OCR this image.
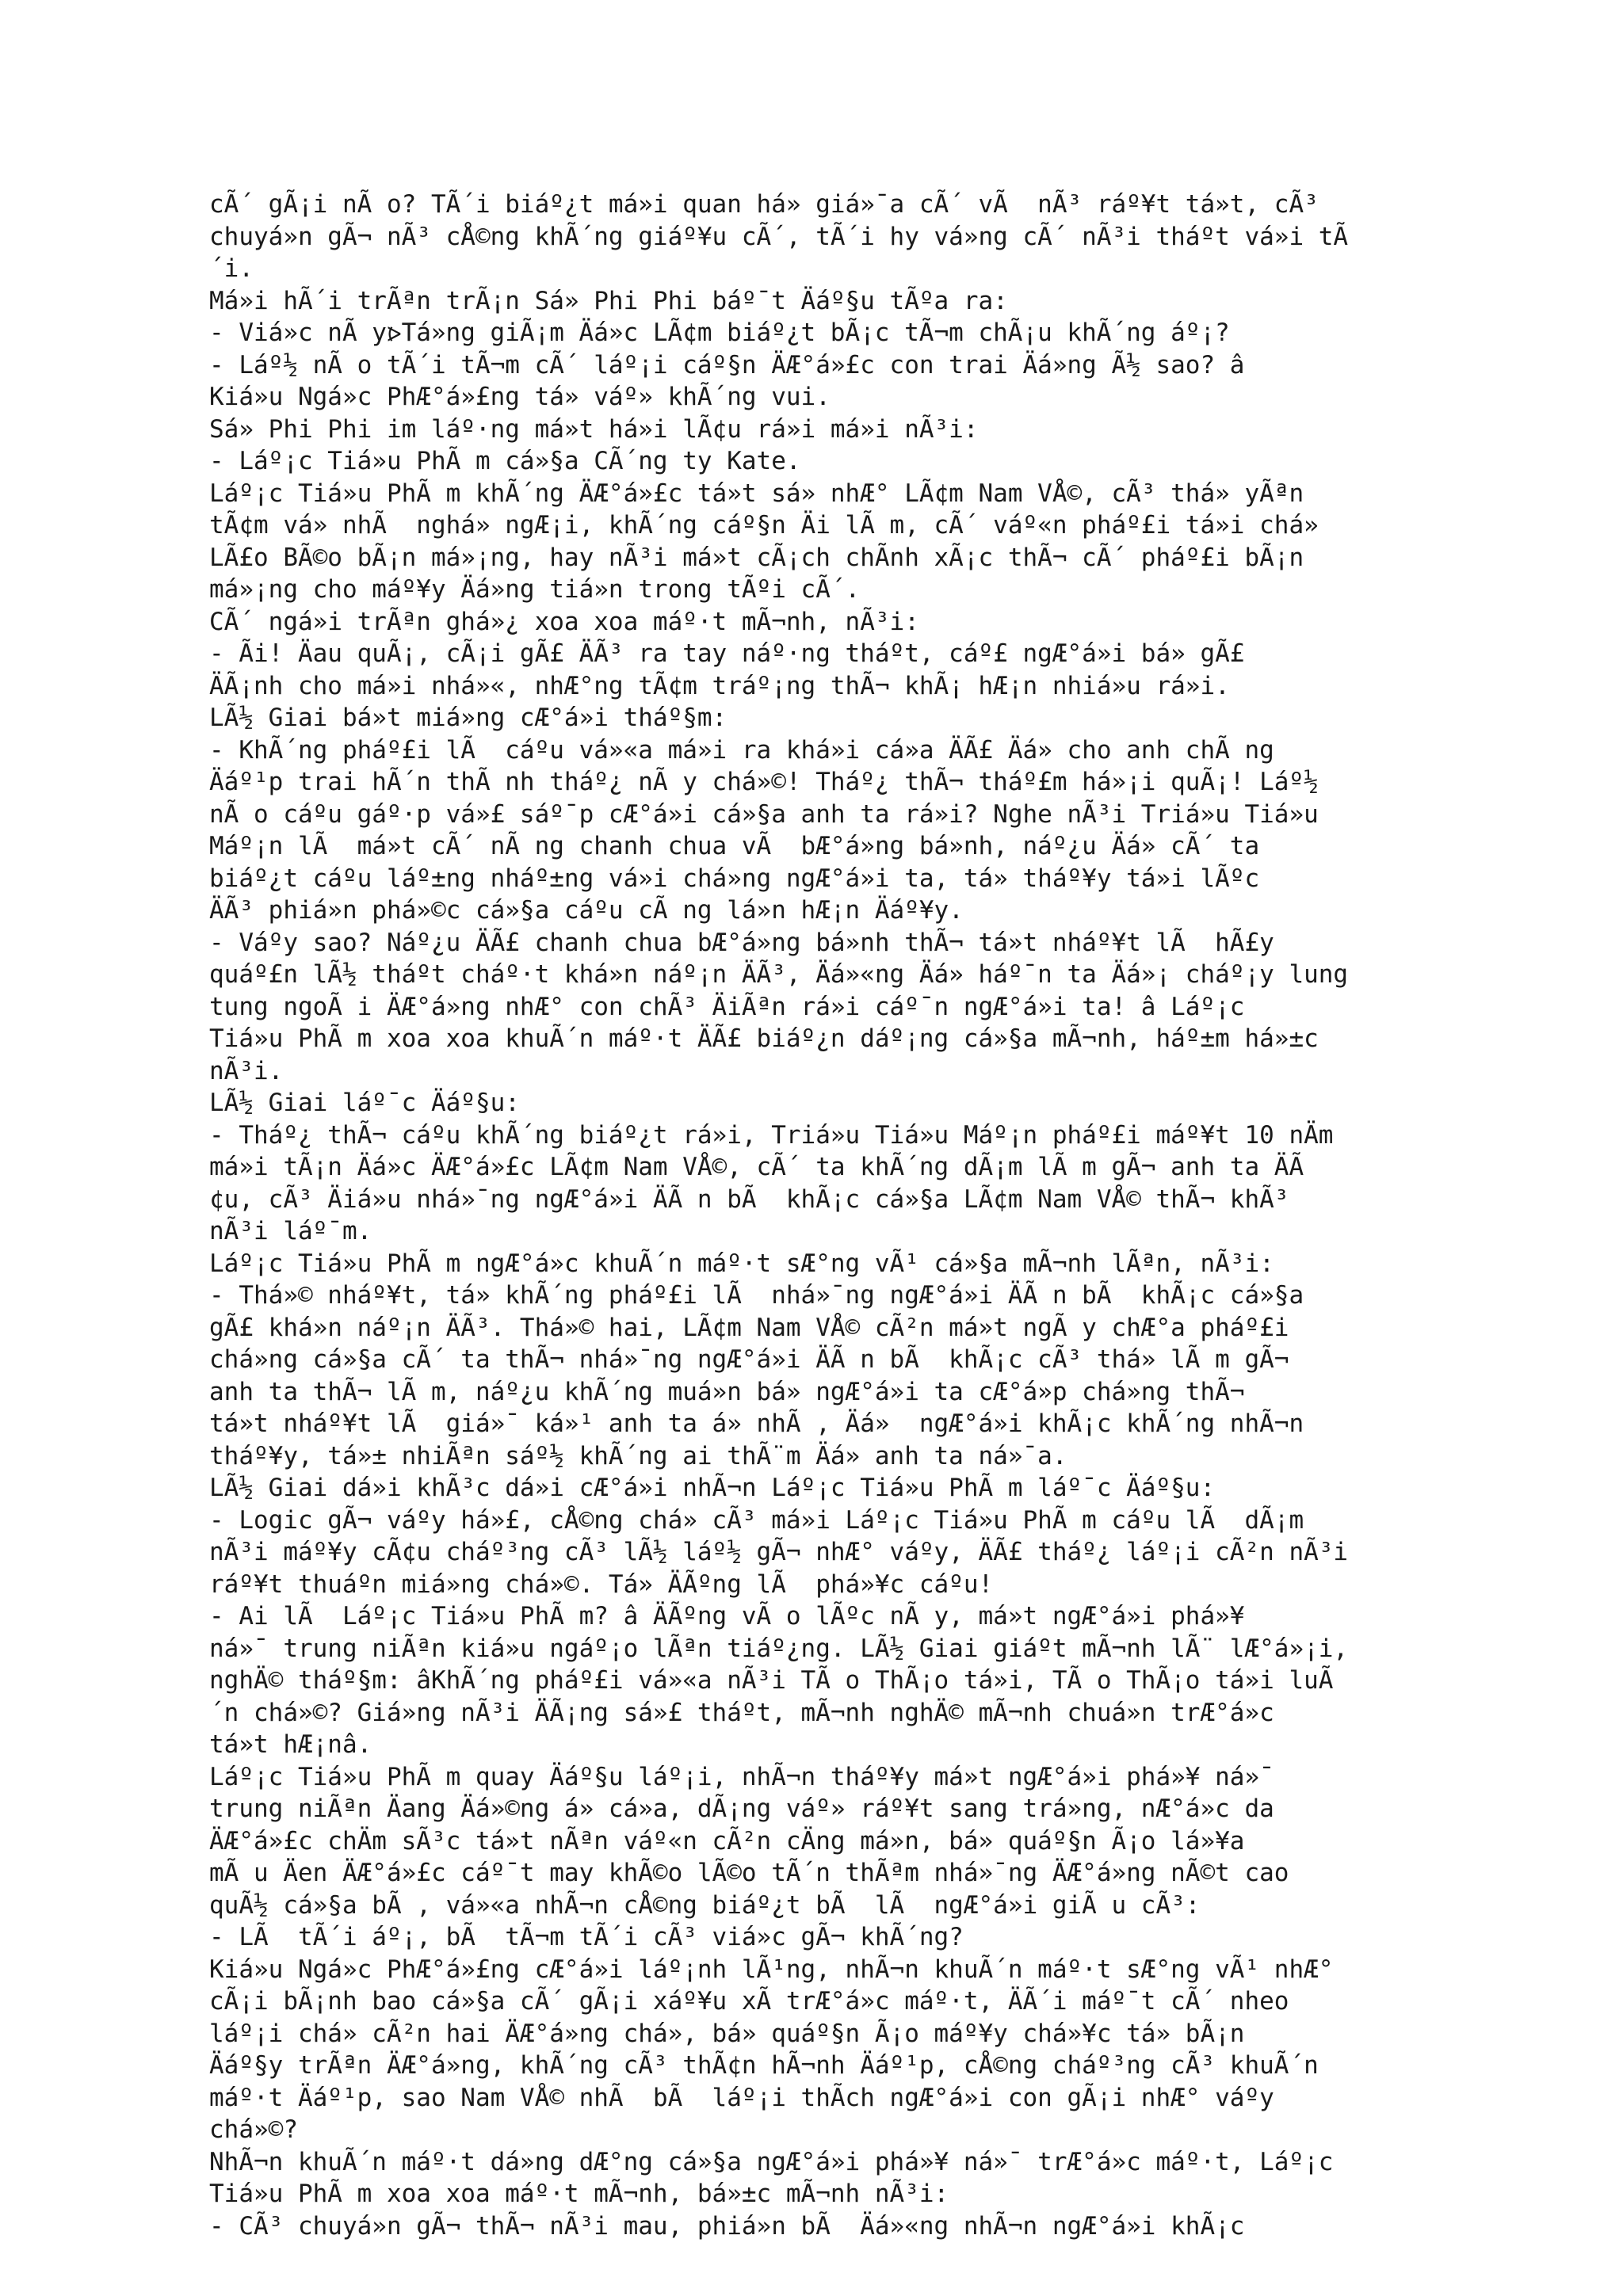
cÃ´ gÃ¡i nÃ o? TÃ´i biáº¿t má»i quan há» giá»¯a cÃ´ vÃ  nÃ³ ráº¥t tá»t, cÃ³
chuyá»n gÃ¬ nÃ³ cÅ©ng khÃ´ng giáº¥u cÃ´, tÃ´i hy vá»ng cÃ´ nÃ³i tháºt vá»i tÃ
´i.
Má»i hÃ´i trÃªn trÃ¡n Sá» Phi Phi báº¯t Äáº§u tÃºa ra:
- Viá»c nÃ y⦠Tá»ng giÃ¡m Äá»c LÃ¢m biáº¿t bÃ¡c tÃ¬m chÃ¡u khÃ´ng áº¡?
- Láº½ nÃ o tÃ´i tÃ¬m cÃ´ láº¡i cáº§n ÄÆ°á»£c con trai Äá»ng Ã½ sao? â
Kiá»u Ngá»c PhÆ°á»£ng tá» váº» khÃ´ng vui.
Sá» Phi Phi im láº·ng má»t há»i lÃ¢u rá»i má»i nÃ³i:
- Láº¡c Tiá»u PhÃ m cá»§a CÃ´ng ty Kate.
Láº¡c Tiá»u PhÃ m khÃ´ng ÄÆ°á»£c tá»t sá» nhÆ° LÃ¢m Nam VÅ©, cÃ³ thá» yÃªn
tÃ¢m vá» nhÃ  nghá» ngÆ¡i, khÃ´ng cáº§n Äi lÃ m, cÃ´ váº«n pháº£i tá»i chá»
LÃ£o BÃ©o bÃ¡n má»¡ng, hay nÃ³i má»t cÃ¡ch chÃnh xÃ¡c thÃ¬ cÃ´ pháº£i bÃ¡n
má»¡ng cho máº¥y Äá»ng tiá»n trong tÃºi cÃ´.
CÃ´ ngá»i trÃªn ghá»¿ xoa xoa máº·t mÃ¬nh, nÃ³i:
- Ãi! Äau quÃ¡, cÃ¡i gÃ£ ÄÃ³ ra tay náº·ng tháºt, cáº£ ngÆ°á»i bá» gÃ£
ÄÃ¡nh cho má»i nhá»«, nhÆ°ng tÃ¢m tráº¡ng thÃ¬ khÃ¡ hÆ¡n nhiá»u rá»i.
LÃ½ Giai bá»t miá»ng cÆ°á»i tháº§m:
- KhÃ´ng pháº£i lÃ  cáºu vá»«a má»i ra khá»i cá»a ÄÃ£ Äá» cho anh chÃ ng
Äáº¹p trai hÃ´n thÃ nh tháº¿ nÃ y chá»©! Tháº¿ thÃ¬ tháº£m há»¡i quÃ¡! Láº½
nÃ o cáºu gáº·p vá»£ sáº¯p cÆ°á»i cá»§a anh ta rá»i? Nghe nÃ³i Triá»u Tiá»u
Máº¡n lÃ  má»t cÃ´ nÃ ng chanh chua vÃ  bÆ°á»ng bá»nh, náº¿u Äá» cÃ´ ta
biáº¿t cáºu láº±ng nháº±ng vá»i chá»ng ngÆ°á»i ta, tá» tháº¥y tá»i lÃºc
ÄÃ³ phiá»n phá»©c cá»§a cáºu cÃ ng lá»n hÆ¡n Äáº¥y.
- Váºy sao? Náº¿u ÄÃ£ chanh chua bÆ°á»ng bá»nh thÃ¬ tá»t nháº¥t lÃ  hÃ£y
quáº£n lÃ½ tháºt cháº·t khá»n náº¡n ÄÃ³, Äá»«ng Äá» háº¯n ta Äá»¡ cháº¡y lung
tung ngoÃ i ÄÆ°á»ng nhÆ° con chÃ³ ÄiÃªn rá»i cáº¯n ngÆ°á»i ta! â Láº¡c
Tiá»u PhÃ m xoa xoa khuÃ´n máº·t ÄÃ£ biáº¿n dáº¡ng cá»§a mÃ¬nh, háº±m há»±c
nÃ³i.
LÃ½ Giai láº¯c Äáº§u:
- Tháº¿ thÃ¬ cáºu khÃ´ng biáº¿t rá»i, Triá»u Tiá»u Máº¡n pháº£i máº¥t 10 nÄm
má»i tÃ¡n Äá»c ÄÆ°á»£c LÃ¢m Nam VÅ©, cÃ´ ta khÃ´ng dÃ¡m lÃ m gÃ¬ anh ta ÄÃ
¢u, cÃ³ Äiá»u nhá»¯ng ngÆ°á»i ÄÃ n bÃ  khÃ¡c cá»§a LÃ¢m Nam VÅ© thÃ¬ khÃ³
nÃ³i láº¯m.
Láº¡c Tiá»u PhÃ m ngÆ°á»c khuÃ´n máº·t sÆ°ng vÃ¹ cá»§a mÃ¬nh lÃªn, nÃ³i:
- Thá»© nháº¥t, tá» khÃ´ng pháº£i lÃ  nhá»¯ng ngÆ°á»i ÄÃ n bÃ  khÃ¡c cá»§a
gÃ£ khá»n náº¡n ÄÃ³. Thá»© hai, LÃ¢m Nam VÅ© cÃ²n má»t ngÃ y chÆ°a pháº£i
chá»ng cá»§a cÃ´ ta thÃ¬ nhá»¯ng ngÆ°á»i ÄÃ n bÃ  khÃ¡c cÃ³ thá» lÃ m gÃ¬
anh ta thÃ¬ lÃ m, náº¿u khÃ´ng muá»n bá» ngÆ°á»i ta cÆ°á»p chá»ng thÃ¬
tá»t nháº¥t lÃ  giá»¯ ká»¹ anh ta á» nhÃ , Äá»  ngÆ°á»i khÃ¡c khÃ´ng nhÃ¬n
tháº¥y, tá»± nhiÃªn sáº½ khÃ´ng ai thÃ¨m Äá» anh ta ná»¯a.
LÃ½ Giai dá»i khÃ³c dá»i cÆ°á»i nhÃ¬n Láº¡c Tiá»u PhÃ m láº¯c Äáº§u:
- Logic gÃ¬ váºy há»£, cÅ©ng chá» cÃ³ má»i Láº¡c Tiá»u PhÃ m cáºu lÃ  dÃ¡m
nÃ³i máº¥y cÃ¢u cháº³ng cÃ³ lÃ½ láº½ gÃ¬ nhÆ° váºy, ÄÃ£ tháº¿ láº¡i cÃ²n nÃ³i
ráº¥t thuáºn miá»ng chá»©. Tá» ÄÃºng lÃ  phá»¥c cáºu!
- Ai lÃ  Láº¡c Tiá»u PhÃ m? â ÄÃºng vÃ o lÃºc nÃ y, má»t ngÆ°á»i phá»¥
ná»¯ trung niÃªn kiá»u ngáº¡o lÃªn tiáº¿ng. LÃ½ Giai giáºt mÃ¬nh lÃ¨ lÆ°á»¡i,
nghÄ© tháº§m: âKhÃ´ng pháº£i vá»«a nÃ³i TÃ o ThÃ¡o tá»i, TÃ o ThÃ¡o tá»i luÃ
´n chá»©? Giá»ng nÃ³i ÄÃ¡ng sá»£ tháºt, mÃ¬nh nghÄ© mÃ¬nh chuá»n trÆ°á»c
tá»t hÆ¡nâ.
Láº¡c Tiá»u PhÃ m quay Äáº§u láº¡i, nhÃ¬n tháº¥y má»t ngÆ°á»i phá»¥ ná»¯
trung niÃªn Äang Äá»©ng á» cá»a, dÃ¡ng váº» ráº¥t sang trá»ng, nÆ°á»c da
ÄÆ°á»£c chÄm sÃ³c tá»t nÃªn váº«n cÃ²n cÄng má»n, bá» quáº§n Ã¡o lá»¥a
mÃ u Äen ÄÆ°á»£c cáº¯t may khÃ©o lÃ©o tÃ´n thÃªm nhá»¯ng ÄÆ°á»ng nÃ©t cao
quÃ½ cá»§a bÃ , vá»«a nhÃ¬n cÅ©ng biáº¿t bÃ  lÃ  ngÆ°á»i giÃ u cÃ³:
- LÃ  tÃ´i áº¡, bÃ  tÃ¬m tÃ´i cÃ³ viá»c gÃ¬ khÃ´ng?
Kiá»u Ngá»c PhÆ°á»£ng cÆ°á»i láº¡nh lÃ¹ng, nhÃ¬n khuÃ´n máº·t sÆ°ng vÃ¹ nhÆ°
cÃ¡i bÃ¡nh bao cá»§a cÃ´ gÃ¡i xáº¥u xÃ trÆ°á»c máº·t, ÄÃ´i máº¯t cÃ´ nheo
láº¡i chá» cÃ²n hai ÄÆ°á»ng chá», bá» quáº§n Ã¡o máº¥y chá»¥c tá» bÃ¡n
Äáº§y trÃªn ÄÆ°á»ng, khÃ´ng cÃ³ thÃ¢n hÃ¬nh Äáº¹p, cÅ©ng cháº³ng cÃ³ khuÃ´n
máº·t Äáº¹p, sao Nam VÅ© nhÃ  bÃ  láº¡i thÃch ngÆ°á»i con gÃ¡i nhÆ° váºy
chá»©?
NhÃ¬n khuÃ´n máº·t dá»ng dÆ°ng cá»§a ngÆ°á»i phá»¥ ná»¯ trÆ°á»c máº·t, Láº¡c
Tiá»u PhÃ m xoa xoa máº·t mÃ¬nh, bá»±c mÃ¬nh nÃ³i:
- CÃ³ chuyá»n gÃ¬ thÃ¬ nÃ³i mau, phiá»n bÃ  Äá»«ng nhÃ¬n ngÆ°á»i khÃ¡c
